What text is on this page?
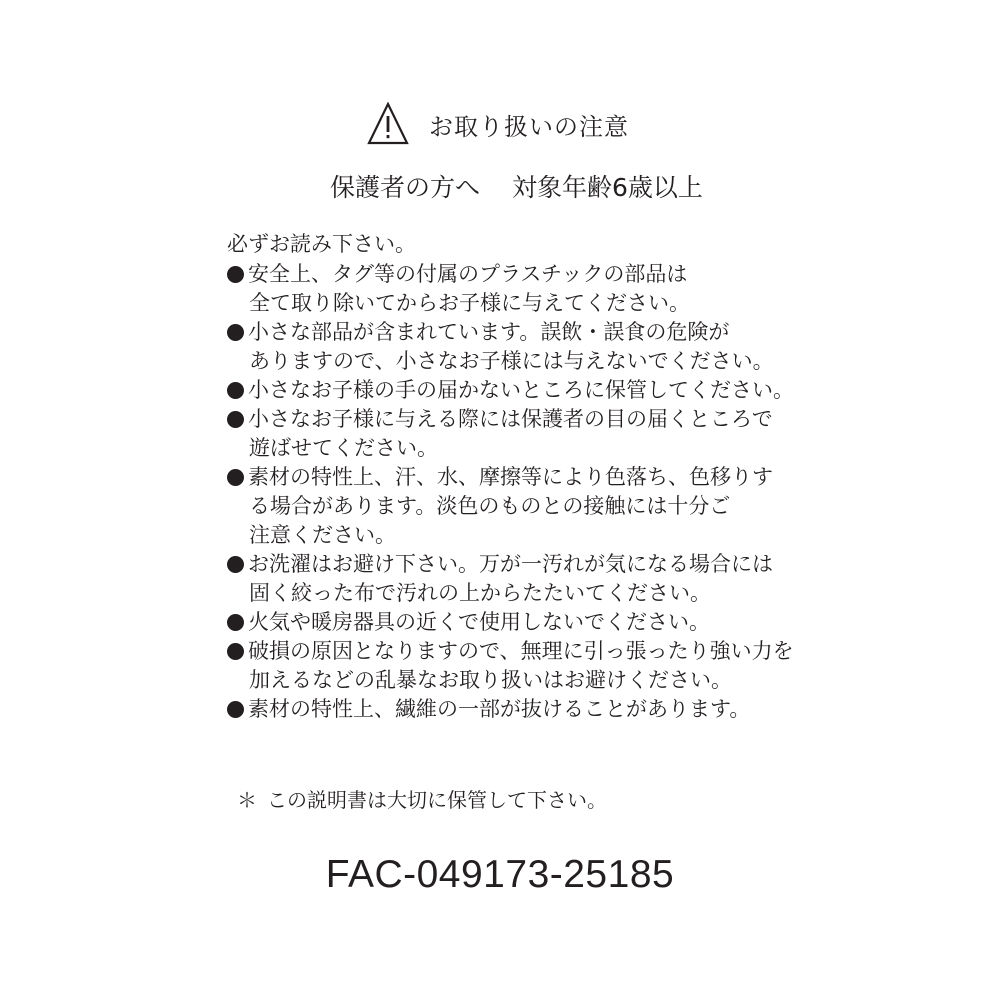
お取り扱いの注意
保護者の方へ 対象年齢6歳以上
必ずお読み下さい。
安全上、タグ等の付属のプラスチックの部品は
全て取り除いてからお子様に与えてください。
小さな部品が含まれています。誤飲・誤食の危険が
ありますので、小さなお子様には与えないでください。
小さなお子様の手の届かないところに保管してください。
小さなお子様に与える際には保護者の目の届くところで
遊ばせてください。
素材の特性上、汗、水、摩擦等により色落ち、色移りす
る場合があります。淡色のものとの接触には十分ご
注意ください。
お洗濯はお避け下さい。万が一汚れが気になる場合には
固く絞った布で汚れの上からたたいてください。
火気や暖房器具の近くで使用しないでください。
破損の原因となりますので、無理に引っ張ったり強い力を
加えるなどの乱暴なお取り扱いはお避けください。
素材の特性上、繊維の一部が抜けることがあります。
＊ この説明書は大切に保管して下さい。
FAC-049173-25185
